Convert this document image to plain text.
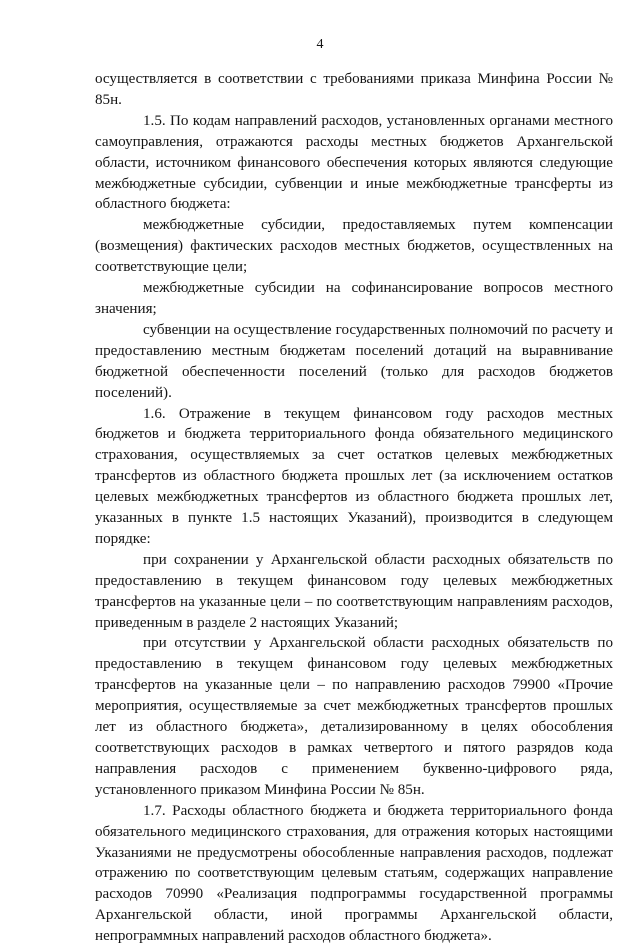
4

осуществляется в соответствии с требованиями приказа Минфина России № 85н.

1.5. По кодам направлений расходов, установленных органами местного самоуправления, отражаются расходы местных бюджетов Архангельской области, источником финансового обеспечения которых являются следующие межбюджетные субсидии, субвенции и иные межбюджетные трансферты из областного бюджета:

межбюджетные субсидии, предоставляемых путем компенсации (возмещения) фактических расходов местных бюджетов, осуществленных на соответствующие цели;

межбюджетные субсидии на софинансирование вопросов местного значения;

субвенции на осуществление государственных полномочий по расчету и предоставлению местным бюджетам поселений дотаций на выравнивание бюджетной обеспеченности поселений (только для расходов бюджетов поселений).

1.6. Отражение в текущем финансовом году расходов местных бюджетов и бюджета территориального фонда обязательного медицинского страхования, осуществляемых за счет остатков целевых межбюджетных трансфертов из областного бюджета прошлых лет (за исключением остатков целевых межбюджетных трансфертов из областного бюджета прошлых лет, указанных в пункте 1.5 настоящих Указаний), производится в следующем порядке:

при сохранении у Архангельской области расходных обязательств по предоставлению в текущем финансовом году целевых межбюджетных трансфертов на указанные цели – по соответствующим направлениям расходов, приведенным в разделе 2 настоящих Указаний;

при отсутствии у Архангельской области расходных обязательств по предоставлению в текущем финансовом году целевых межбюджетных трансфертов на указанные цели – по направлению расходов 79900 «Прочие мероприятия, осуществляемые за счет межбюджетных трансфертов прошлых лет из областного бюджета», детализированному в целях обособления соответствующих расходов в рамках четвертого и пятого разрядов кода направления расходов с применением буквенно-цифрового ряда, установленного приказом Минфина России № 85н.

1.7. Расходы областного бюджета и бюджета территориального фонда обязательного медицинского страхования, для отражения которых настоящими Указаниями не предусмотрены обособленные направления расходов, подлежат отражению по соответствующим целевым статьям, содержащих направление расходов 70990 «Реализация подпрограммы государственной программы Архангельской области, иной программы Архангельской области, непрограммных направлений расходов областного бюджета».
